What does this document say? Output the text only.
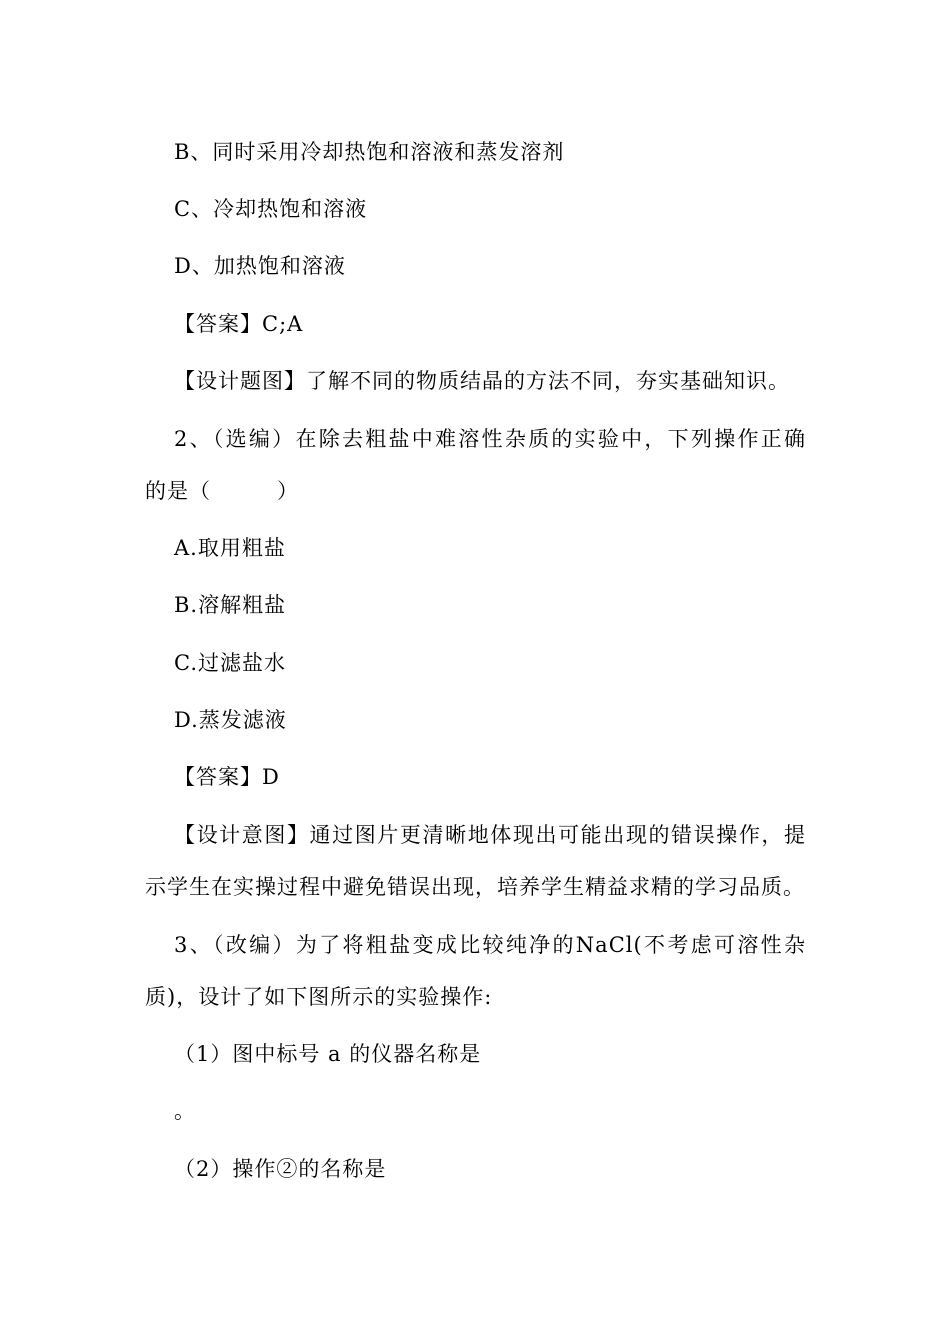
B、同时采用冷却热饱和溶液和蒸发溶剂
C、冷却热饱和溶液
D、加热饱和溶液
【答案】C;A
【设计题图】了解不同的物质结晶的方法不同，夯实基础知识。
2、（选编）在除去粗盐中难溶性杂质的实验中，下列操作正确
的是（　　　）
A.取用粗盐
B.溶解粗盐
C.过滤盐水
D.蒸发滤液
【答案】D
【设计意图】通过图片更清晰地体现出可能出现的错误操作，提
示学生在实操过程中避免错误出现，培养学生精益求精的学习品质。
3、（改编）为了将粗盐变成比较纯净的NaCl(不考虑可溶性杂
质)，设计了如下图所示的实验操作:
（1）图中标号 a 的仪器名称是
。
（2）操作②的名称是
